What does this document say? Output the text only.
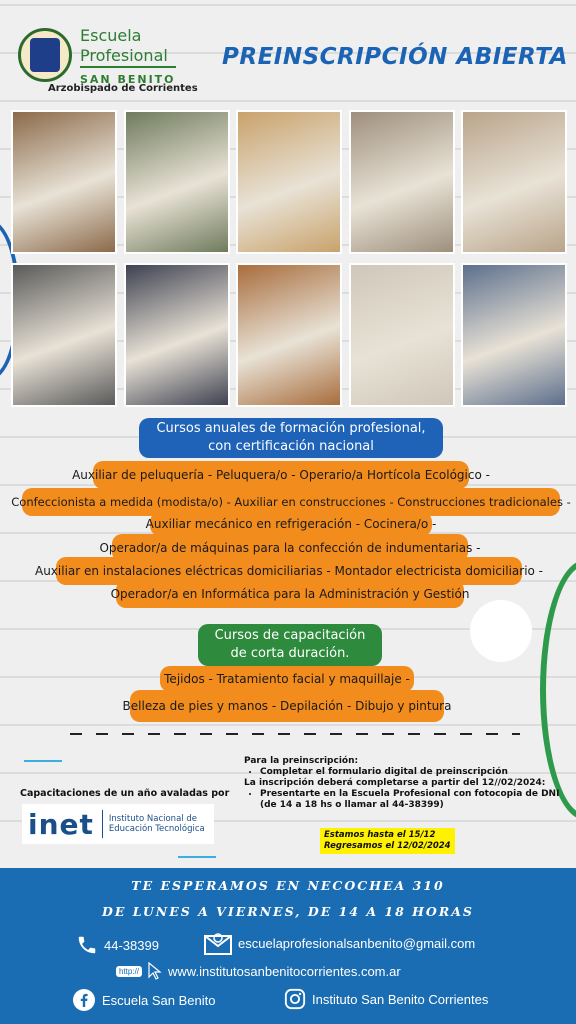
Escuela
Profesional
SAN BENITO
Arzobispado de Corrientes
PREINSCRIPCIÓN ABIERTA
Cursos anuales de formación profesional,
con certificación nacional
Auxiliar de peluquería - Peluquera/o - Operario/a Hortícola Ecológico -
Confeccionista a medida (modista/o) - Auxiliar en construcciones - Construcciones tradicionales -
Auxiliar mecánico en refrigeración - Cocinera/o -
Operador/a de máquinas para la confección de indumentarias -
Auxiliar en instalaciones eléctricas domiciliarias - Montador electricista domiciliario -
Operador/a en Informática para la Administración y Gestión
Cursos de capacitación
de corta duración.
Tejidos - Tratamiento facial y maquillaje -
Belleza de pies y manos - Depilación - Dibujo y pintura
Capacitaciones de un año avaladas por
inet Instituto Nacional de
Educación Tecnológica
Para la preinscripción:
• Completar el formulario digital de preinscripción
La inscripción deberá completarse a partir del 12//02/2024:
• Presentarte en la Escuela Profesional con fotocopia de DNI (de 14 a 18 hs o llamar al 44-38399)
Estamos hasta el 15/12
Regresamos el 12/02/2024
TE ESPERAMOS EN NECOCHEA 310
DE LUNES A VIERNES, DE 14 A 18 HORAS
44-38399	escuelaprofesionalsanbenito@gmail.com
http:// www.institutosanbenitocorrientes.com.ar
Escuela San Benito	Instituto San Benito Corrientes
